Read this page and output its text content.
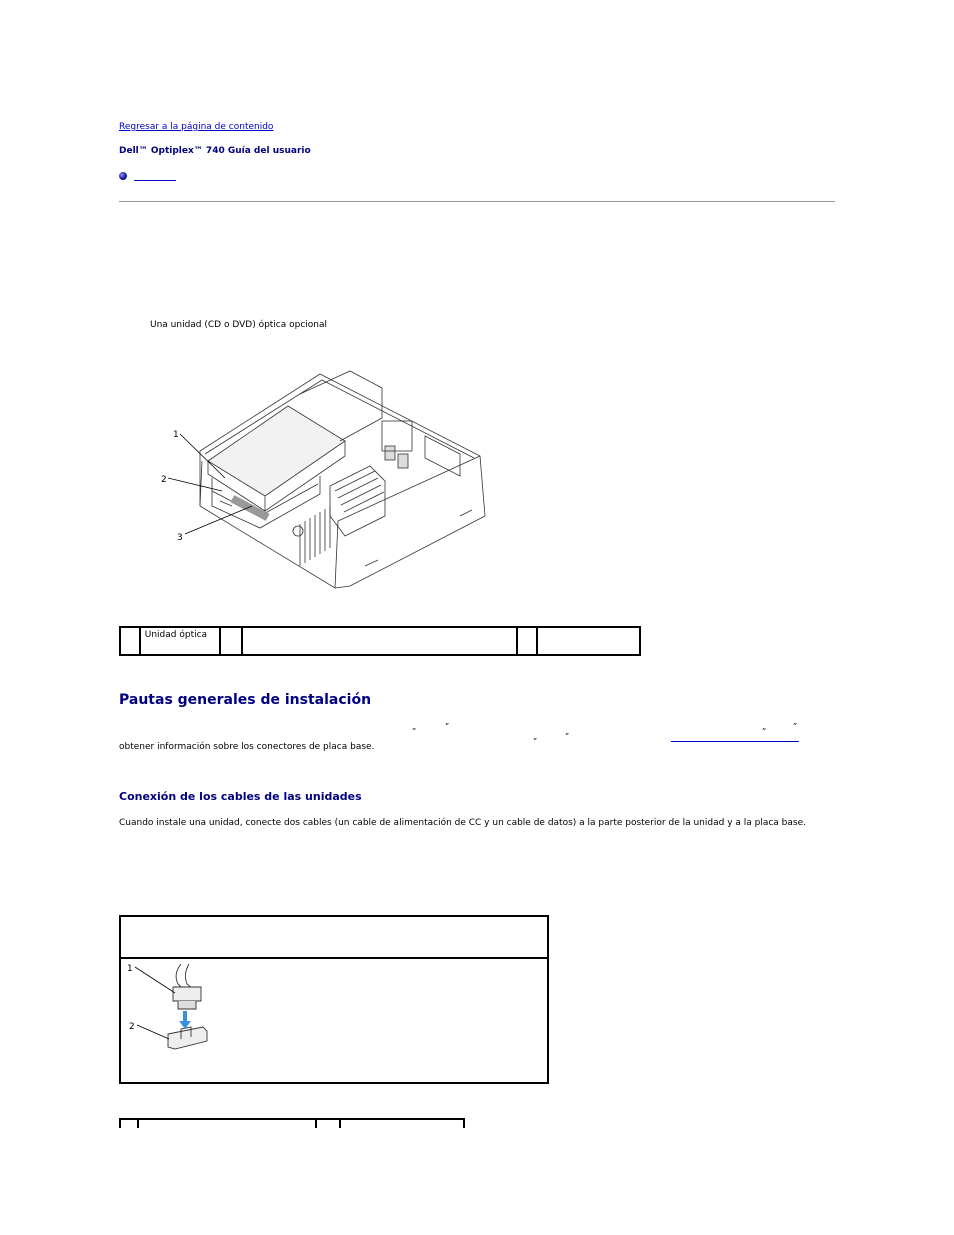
Regresar a la página de contenido
Dell™ Optiplex™ 740 Guía del usuario
Una unidad (CD o DVD) óptica opcional
1
2
3
	Unidad óptica				
Pautas generales de instalación
„	”	„	”
„	”
obtener información sobre los conectores de placa base.
Conexión de los cables de las unidades
Cuando instale una unidad, conecte dos cables (un cable de alimentación de CC y un cable de datos) a la parte posterior de la unidad y a la placa base.
1
2
